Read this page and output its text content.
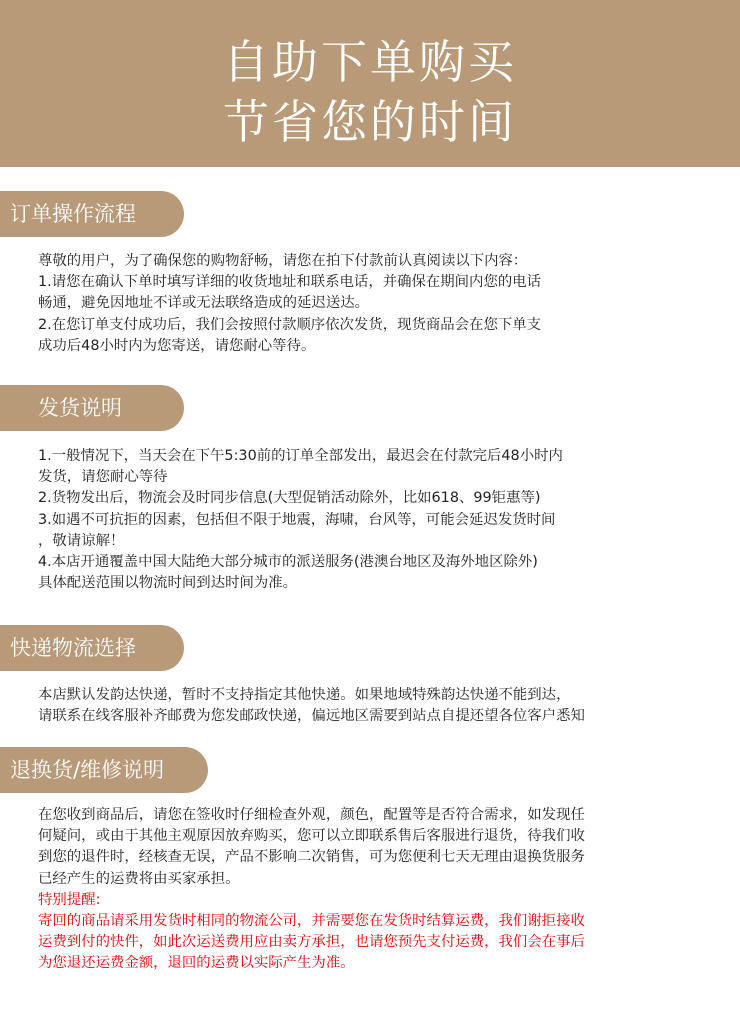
自助下单购买
节省您的时间
订单操作流程
尊敬的用户，为了确保您的购物舒畅，请您在拍下付款前认真阅读以下内容：
1.请您在确认下单时填写详细的收货地址和联系电话，并确保在期间内您的电话
畅通，避免因地址不详或无法联络造成的延迟送达。
2.在您订单支付成功后，我们会按照付款顺序依次发货，现货商品会在您下单支
成功后48小时内为您寄送，请您耐心等待。
发货说明
1.一般情况下，当天会在下午5:30前的订单全部发出，最迟会在付款完后48小时内
发货，请您耐心等待
2.货物发出后，物流会及时同步信息(大型促销活动除外，比如618、99钜惠等)
3.如遇不可抗拒的因素，包括但不限于地震，海啸，台风等，可能会延迟发货时间
，敬请谅解！
4.本店开通覆盖中国大陆绝大部分城市的派送服务(港澳台地区及海外地区除外)
具体配送范围以物流时间到达时间为准。
快递物流选择
本店默认发韵达快递，暂时不支持指定其他快递。如果地域特殊韵达快递不能到达，
请联系在线客服补齐邮费为您发邮政快递，偏远地区需要到站点自提还望各位客户悉知
退换货/维修说明
在您收到商品后，请您在签收时仔细检查外观，颜色，配置等是否符合需求，如发现任
何疑问，或由于其他主观原因放弃购买，您可以立即联系售后客服进行退货，待我们收
到您的退件时，经核查无误，产品不影响二次销售，可为您便利七天无理由退换货服务
已经产生的运费将由买家承担。
特别提醒:
寄回的商品请采用发货时相同的物流公司，并需要您在发货时结算运费，我们谢拒接收
运费到付的快件，如此次运送费用应由卖方承担，也请您预先支付运费，我们会在事后
为您退还运费金额，退回的运费以实际产生为准。
